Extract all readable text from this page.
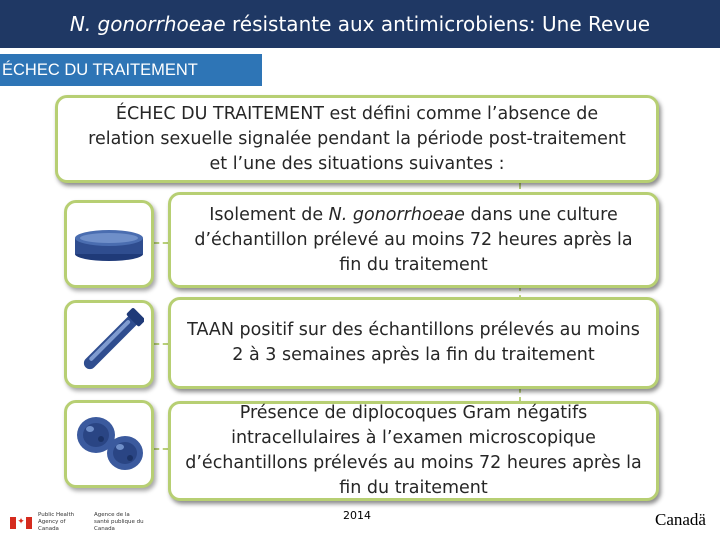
N. gonorrhoeae résistante aux antimicrobiens: Une Revue
ÉCHEC DU TRAITEMENT
ÉCHEC DU TRAITEMENT est défini comme l’absence de relation sexuelle signalée pendant la période post-traitement et l’une des situations suivantes :
Isolement de N. gonorrhoeae dans une culture d’échantillon prélevé au moins 72 heures après la fin du traitement
TAAN positif sur des échantillons prélevés au moins 2 à 3 semaines après la fin du traitement
Présence de diplocoques Gram négatifs intracellulaires à l’examen microscopique d’échantillons prélevés au moins 72 heures après la fin du traitement
✦
Public Health Agency of Canada
Agence de la santé publique du Canada
2014	Canadä
